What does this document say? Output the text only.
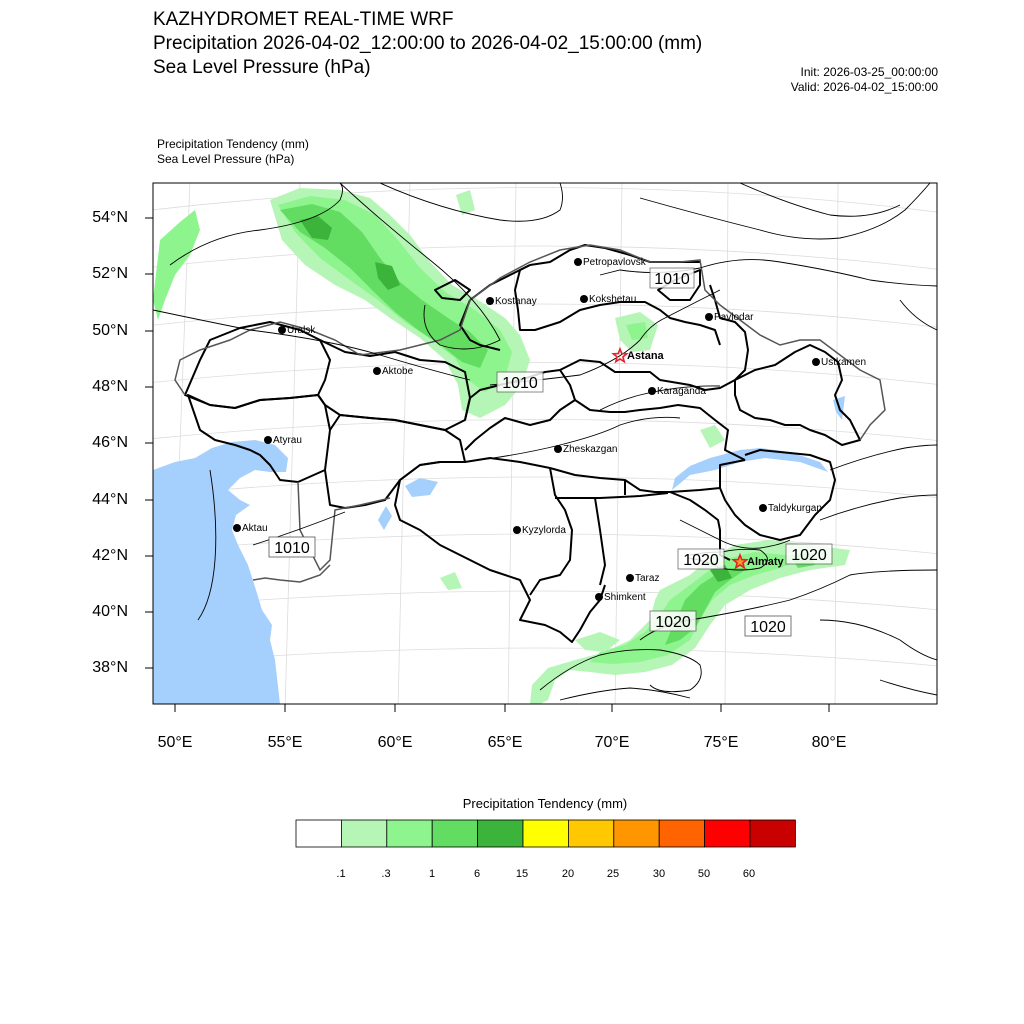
KAZHYDROMET REAL-TIME WRF
Precipitation 2026-04-02_12:00:00 to 2026-04-02_15:00:00 (mm)
Sea Level Pressure (hPa)	Init: 2026-03-25_00:00:00
Valid: 2026-04-02_15:00:00
Precipitation Tendency (mm)
Sea Level Pressure (hPa)
54°N
52°N
50°N
48°N
46°N
44°N
42°N
40°N
38°N
50°E	55°E	60°E	65°E	70°E	75°E	80°E
1010
1010
1010
1020	1020
1020	1020
Petropavlovsk
Kostanay	Kokshetau
Pavlodar
Uralsk
Astana
Aktobe
Ustkamen
Karaganda
Atyrau
Zheskazgan
Taldykurgan
Kyzylorda
Aktau
Almaty
Taraz
Shimkent
.1	.3	1	6	15	20	25	30	50	60
Precipitation Tendency (mm)
